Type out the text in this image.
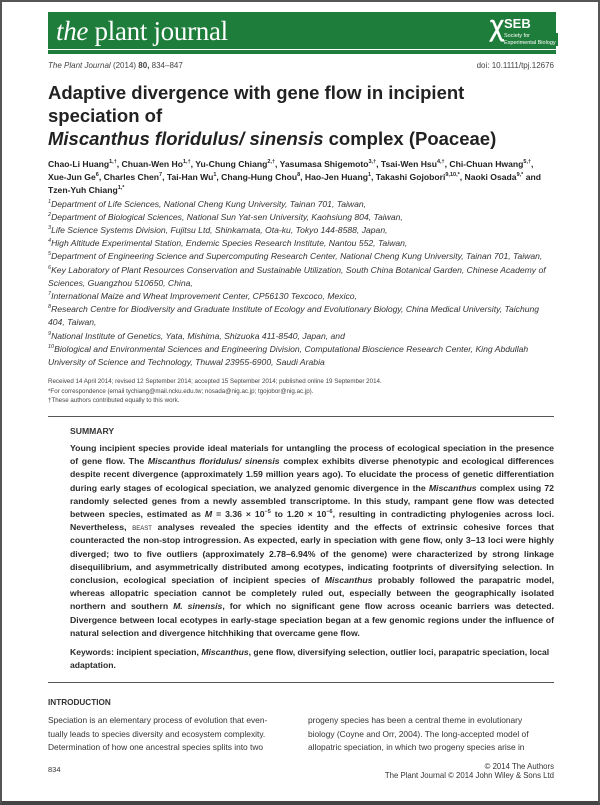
the plant journal	Ꭓ SEB
Society for
Experimental Biology
The Plant Journal (2014) 80, 834–847	doi: 10.1111/tpj.12676
Adaptive divergence with gene flow in incipient speciation of
Miscanthus floridulus/ sinensis complex (Poaceae)
Chao-Li Huang$^{1,\dagger}$, Chuan-Wen $Ho^{1,\dagger}$, Yu-Chung Chiang$^{2,\dagger}$, Yasumasa Shigemoto$^{3,\dagger}$, Tsai-Wen Hsu$^{4,\dagger}$, Chi-Chuan Hwang$^{5,\dagger}$, Xue-Jun Ge$^6$, Charles Chen$^7$, Tai-Han Wu$^1$, Chang-Hung Chou$^8$, Hao-Jen Huang$^1$, Takashi Gojobori$^{9,10,*}$, Naoki Osada$^{9,*}$ and Tzen-Yuh Chiang$^{1,*}$
$^1$Department of Life Sciences, National Cheng Kung University, Tainan 701, Taiwan,
$^2$Department of Biological Sciences, National Sun Yat-sen University, Kaohsiung 804, Taiwan,
$^3$Life Science Systems Division, Fujitsu Ltd, Shinkamata, Ota-ku, Tokyo 144-8588, Japan,
$^4$High Altitude Experimental Station, Endemic Species Research Institute, Nantou 552, Taiwan,
$^5$Department of Engineering Science and Supercomputing Research Center, National Cheng Kung University, Tainan 701, Taiwan,
$^6$Key Laboratory of Plant Resources Conservation and Sustainable Utilization, South China Botanical Garden, Chinese Academy of Sciences, Guangzhou 510650, China,
$^7$International Maize and Wheat Improvement Center, CP56130 Texcoco, Mexico,
$^8$Research Centre for Biodiversity and Graduate Institute of Ecology and Evolutionary Biology, China Medical University, Taichung 404, Taiwan,
$^9$National Institute of Genetics, Yata, Mishima, Shizuoka 411-8540, Japan, and
$^{10}$Biological and Environmental Sciences and Engineering Division, Computational Bioscience Research Center, King Abdullah University of Science and Technology, Thuwal 23955-6900, Saudi Arabia
Received 14 April 2014; revised 12 September 2014; accepted 15 September 2014; published online 19 September 2014.
*For correspondence (email tychiang@mail.ncku.edu.tw; nosada@nig.ac.jp; tgojobor@nig.ac.jp).
†These authors contributed equally to this work.
SUMMARY
Young incipient species provide ideal materials for untangling the process of ecological speciation in the presence of gene flow. The Miscanthus floridulus/ sinensis complex exhibits diverse phenotypic and ecological differences despite recent divergence (approximately 1.59 million years ago). To elucidate the process of genetic differentiation during early stages of ecological speciation, we analyzed genomic divergence in the Miscanthus complex using 72 randomly selected genes from a newly assembled transcriptome. In this study, rampant gene flow was detected between species, estimated as $M = 3.36 \times 10^{-5}$ to $1.20 \times 10^{-6}$, resulting in contradicting phylogenies across loci. Nevertheless, beast analyses revealed the species identity and the effects of extrinsic cohesive forces that counteracted the non-stop introgression. As expected, early in speciation with gene flow, only 3–13 loci were highly diverged; two to five outliers (approximately 2.78–6.94% of the genome) were characterized by strong linkage disequilibrium, and asymmetrically distributed among ecotypes, indicating footprints of diversifying selection. In conclusion, ecological speciation of incipient species of Miscanthus probably followed the parapatric model, whereas allopatric speciation cannot be completely ruled out, especially between the geographically isolated northern and southern M. sinensis, for which no significant gene flow across oceanic barriers was detected. Divergence between local ecotypes in early-stage speciation began at a few genomic regions under the influence of natural selection and divergence hitchhiking that overcame gene flow.
Keywords: incipient speciation, Miscanthus, gene flow, diversifying selection, outlier loci, parapatric speciation, local adaptation.
INTRODUCTION
Speciation is an elementary process of evolution that even-
tually leads to species diversity and ecosystem complexity.
Determination of how one ancestral species splits into two
progeny species has been a central theme in evolutionary
biology (Coyne and Orr, 2004). The long-accepted model of
allopatric speciation, in which two progeny species arise in
834	© 2014 The Authors
The Plant Journal © 2014 John Wiley & Sons Ltd
